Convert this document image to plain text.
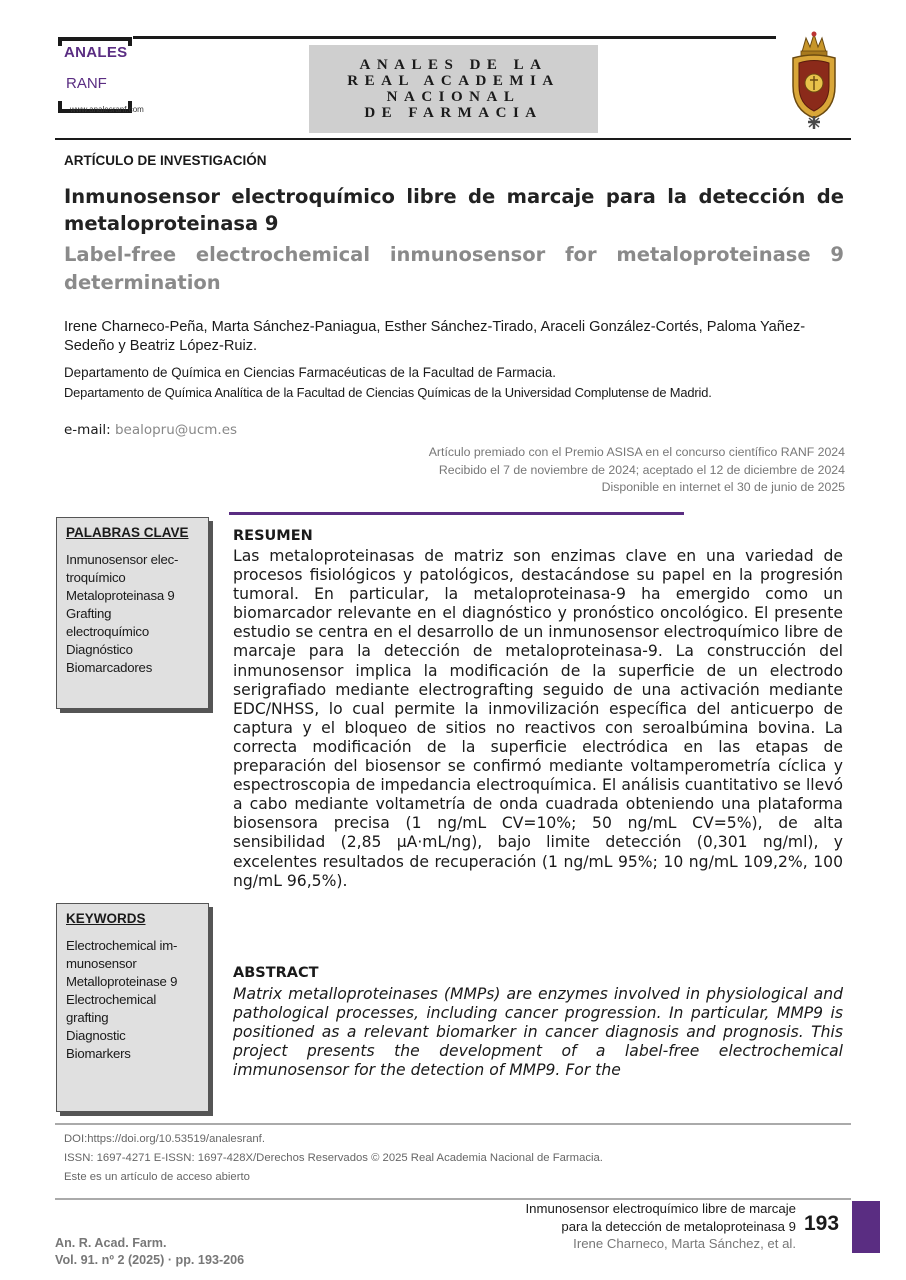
ANALES
RANF
www.analesranf.com
ANALES DE LA
REAL ACADEMIA
NACIONAL
DE FARMACIA
ARTÍCULO DE INVESTIGACIÓN
Inmunosensor electroquímico libre de marcaje para la detección de metaloproteinasa 9
Label-free electrochemical inmunosensor for metaloproteinase 9 determination

Irene Charneco-Peña, Marta Sánchez-Paniagua, Esther Sánchez-Tirado, Araceli González-Cortés, Paloma Yañez-Sedeño y Beatriz López-Ruiz.

Departamento de Química en Ciencias Farmacéuticas de la Facultad de Farmacia.

Departamento de Química Analítica de la Facultad de Ciencias Químicas de la Universidad Complutense de Madrid.

e-mail: bealopru@ucm.es

Artículo premiado con el Premio ASISA en el concurso científico RANF 2024
Recibido el 7 de noviembre de 2024; aceptado el 12 de diciembre de 2024
Disponible en internet el 30 de junio de 2025
PALABRAS CLAVE
Inmunosensor elec-
troquímico
Metaloproteinasa 9
Grafting
electroquímico
Diagnóstico
Biomarcadores
KEYWORDS
Electrochemical im-
munosensor
Metalloproteinase 9
Electrochemical
grafting
Diagnostic
Biomarkers
RESUMEN

Las metaloproteinasas de matriz son enzimas clave en una variedad de procesos fisiológicos y patológicos, destacándose su papel en la progresión tumoral. En particular, la metaloproteinasa-9 ha emergido como un biomarcador relevante en el diagnóstico y pronóstico oncológico. El presente estudio se centra en el desarrollo de un inmunosensor electroquímico libre de marcaje para la detección de metaloproteinasa-9. La construcción del inmunosensor implica la modificación de la superficie de un electrodo serigrafiado mediante electrografting seguido de una activación mediante EDC/NHSS, lo cual permite la inmovilización específica del anticuerpo de captura y el bloqueo de sitios no reactivos con seroalbúmina bovina. La correcta modificación de la superficie electródica en las etapas de preparación del biosensor se confirmó mediante voltamperometría cíclica y espectroscopia de impedancia electroquímica. El análisis cuantitativo se llevó a cabo mediante voltametría de onda cuadrada obteniendo una plataforma biosensora precisa (1 ng/mL CV=10%; 50 ng/mL CV=5%), de alta sensibilidad (2,85 µA·mL/ng), bajo limite detección (0,301 ng/ml), y excelentes resultados de recuperación (1 ng/mL 95%; 10 ng/mL 109,2%, 100 ng/mL 96,5%).

ABSTRACT

Matrix metalloproteinases (MMPs) are enzymes involved in physiological and pathological processes, including cancer progression. In particular, MMP9 is positioned as a relevant biomarker in cancer diagnosis and prognosis. This project presents the development of a label-free electrochemical immunosensor for the detection of MMP9. For the

DOI:https://doi.org/10.53519/analesranf.
ISSN: 1697-4271 E-ISSN: 1697-428X/Derechos Reservados © 2025 Real Academia Nacional de Farmacia.
Este es un artículo de acceso abierto
An. R. Acad. Farm.
Vol. 91. nº 2 (2025) · pp. 193-206
Inmunosensor electroquímico libre de marcaje
para la detección de metaloproteinasa 9
Irene Charneco, Marta Sánchez, et al.
193
